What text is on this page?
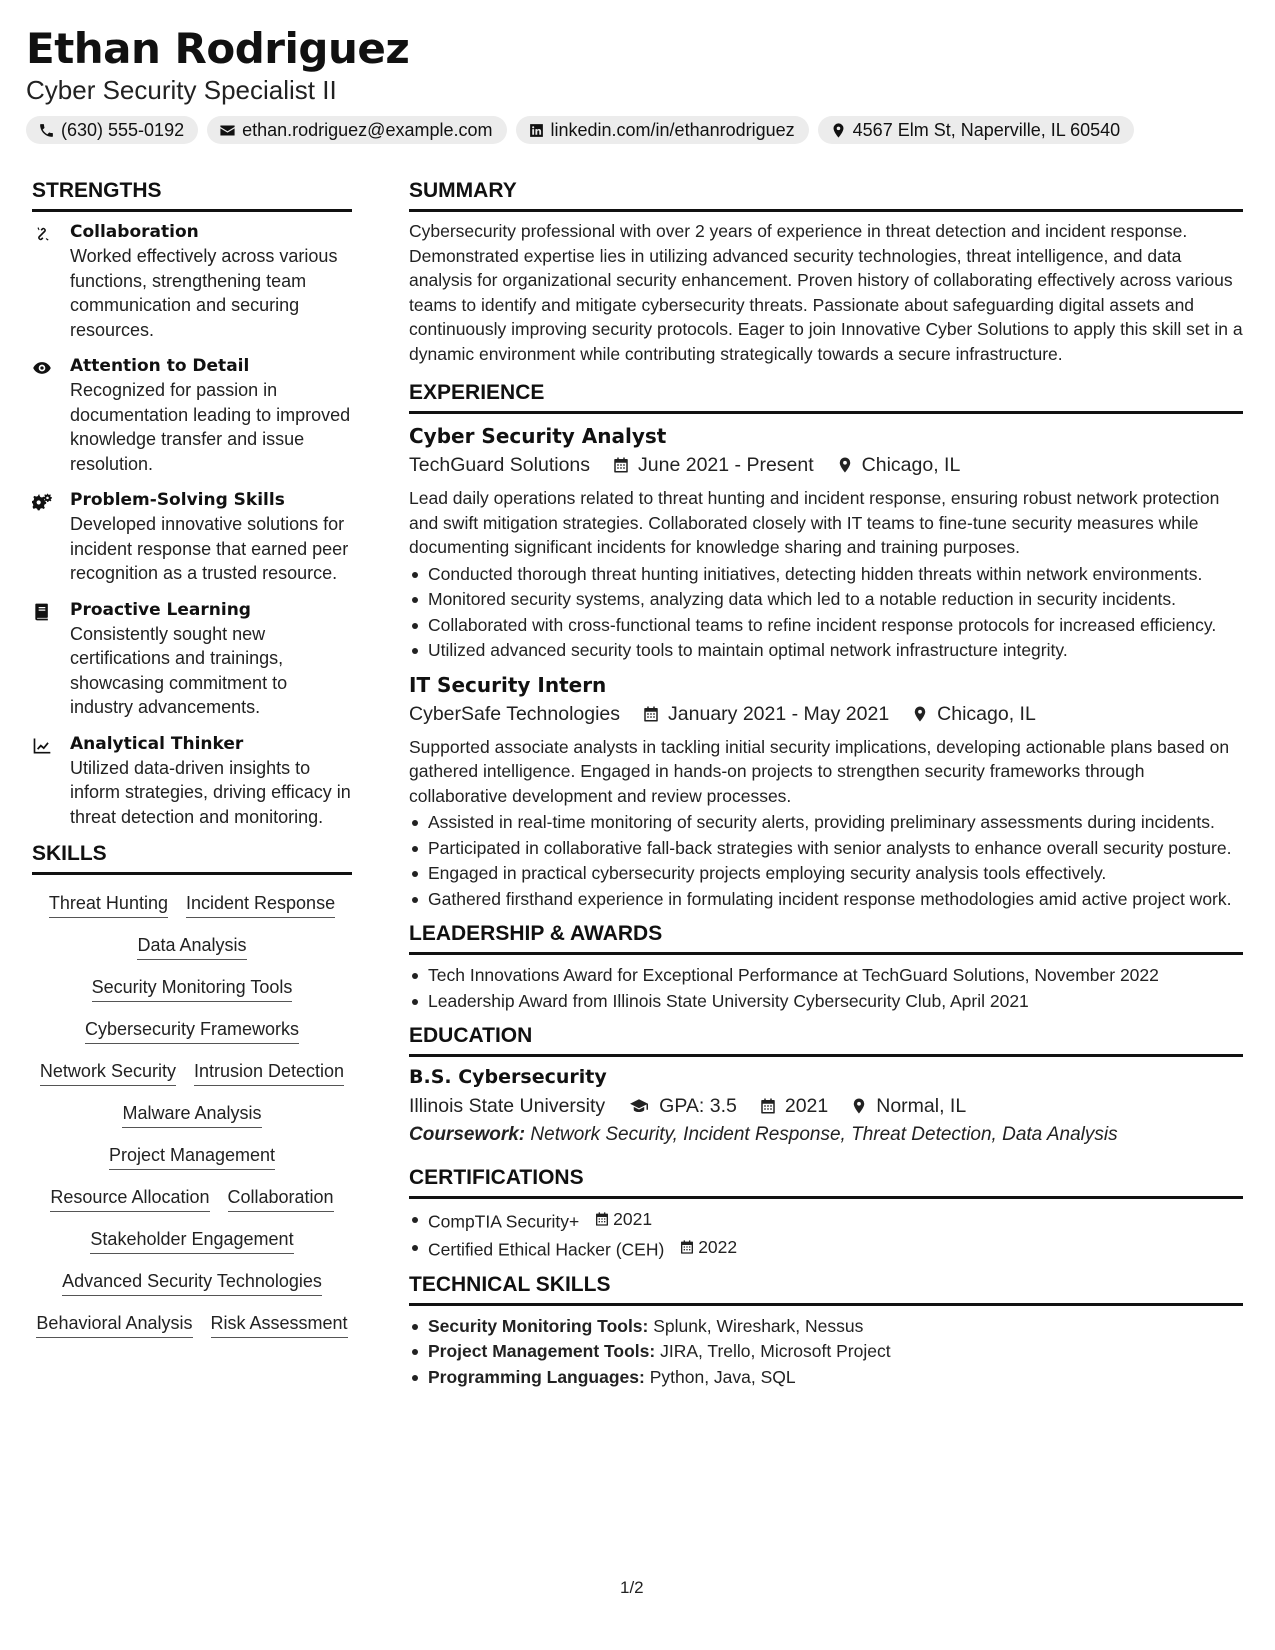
Ethan Rodriguez
Cyber Security Specialist II
(630) 555-0192	ethan.rodriguez@example.com	linkedin.com/in/ethanrodriguez	4567 Elm St, Naperville, IL 60540
STRENGTHS
Collaboration
Worked effectively across various functions, strengthening team communication and securing resources.
Attention to Detail
Recognized for passion in documentation leading to improved knowledge transfer and issue resolution.
Problem-Solving Skills
Developed innovative solutions for incident response that earned peer recognition as a trusted resource.
Proactive Learning
Consistently sought new certifications and trainings, showcasing commitment to industry advancements.
Analytical Thinker
Utilized data-driven insights to inform strategies, driving efficacy in threat detection and monitoring.
SKILLS
Threat Hunting Incident Response
Data Analysis
Security Monitoring Tools
Cybersecurity Frameworks
Network Security Intrusion Detection
Malware Analysis
Project Management
Resource Allocation Collaboration
Stakeholder Engagement
Advanced Security Technologies
Behavioral Analysis Risk Assessment
SUMMARY
Cybersecurity professional with over 2 years of experience in threat detection and incident response. Demonstrated expertise lies in utilizing advanced security technologies, threat intelligence, and data analysis for organizational security enhancement. Proven history of collaborating effectively across various teams to identify and mitigate cybersecurity threats. Passionate about safeguarding digital assets and continuously improving security protocols. Eager to join Innovative Cyber Solutions to apply this skill set in a dynamic environment while contributing strategically towards a secure infrastructure.
EXPERIENCE
Cyber Security Analyst
TechGuard Solutions June 2021 - Present Chicago, IL
Lead daily operations related to threat hunting and incident response, ensuring robust network protection and swift mitigation strategies. Collaborated closely with IT teams to fine-tune security measures while documenting significant incidents for knowledge sharing and training purposes.
Conducted thorough threat hunting initiatives, detecting hidden threats within network environments.
Monitored security systems, analyzing data which led to a notable reduction in security incidents.
Collaborated with cross-functional teams to refine incident response protocols for increased efficiency.
Utilized advanced security tools to maintain optimal network infrastructure integrity.
IT Security Intern
CyberSafe Technologies January 2021 - May 2021 Chicago, IL
Supported associate analysts in tackling initial security implications, developing actionable plans based on gathered intelligence. Engaged in hands-on projects to strengthen security frameworks through collaborative development and review processes.
Assisted in real-time monitoring of security alerts, providing preliminary assessments during incidents.
Participated in collaborative fall-back strategies with senior analysts to enhance overall security posture.
Engaged in practical cybersecurity projects employing security analysis tools effectively.
Gathered firsthand experience in formulating incident response methodologies amid active project work.
LEADERSHIP & AWARDS
Tech Innovations Award for Exceptional Performance at TechGuard Solutions, November 2022
Leadership Award from Illinois State University Cybersecurity Club, April 2021
EDUCATION
B.S. Cybersecurity
Illinois State University	GPA: 3.5 2021 Normal, IL
Coursework: Network Security, Incident Response, Threat Detection, Data Analysis
CERTIFICATIONS
CompTIA Security+ 2021
Certified Ethical Hacker (CEH) 2022
TECHNICAL SKILLS
Security Monitoring Tools: Splunk, Wireshark, Nessus
Project Management Tools: JIRA, Trello, Microsoft Project
Programming Languages: Python, Java, SQL
1/2
